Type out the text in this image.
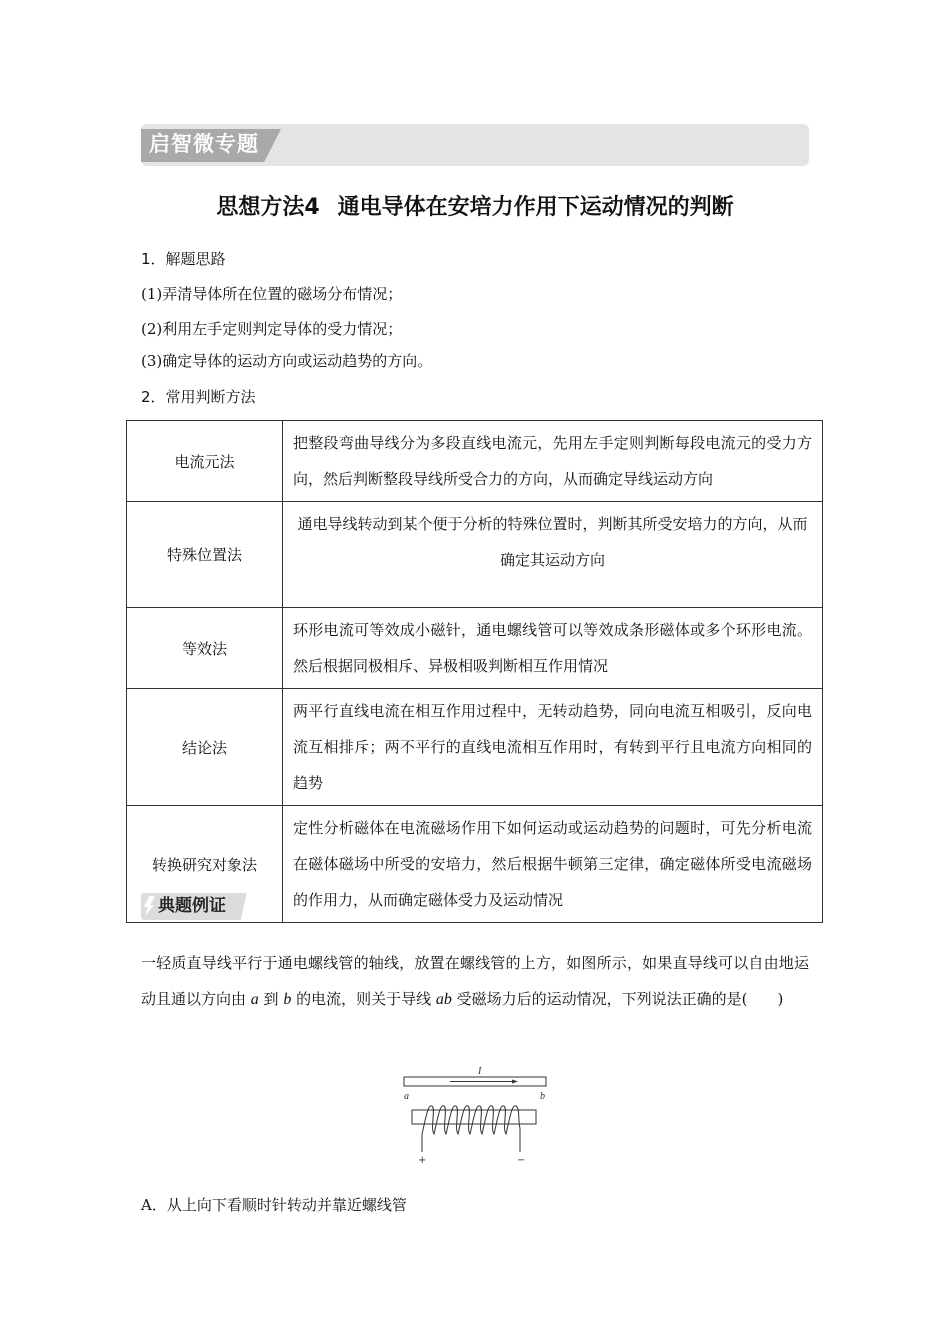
启智微专题
思想方法4 通电导体在安培力作用下运动情况的判断
1．解题思路
(1)弄清导体所在位置的磁场分布情况；
(2)利用左手定则判定导体的受力情况；
(3)确定导体的运动方向或运动趋势的方向。
2．常用判断方法
电流元法	把整段弯曲导线分为多段直线电流元，先用左手定则判断每段电流元的受力方向，然后判断整段导线所受合力的方向，从而确定导线运动方向
特殊位置法	通电导线转动到某个便于分析的特殊位置时，判断其所受安培力的方向，从而确定其运动方向
等效法	环形电流可等效成小磁针，通电螺线管可以等效成条形磁体或多个环形电流。然后根据同极相斥、异极相吸判断相互作用情况
结论法	两平行直线电流在相互作用过程中，无转动趋势，同向电流互相吸引，反向电流互相排斥；两不平行的直线电流相互作用时，有转到平行且电流方向相同的趋势
转换研究对象法	定性分析磁体在电流磁场作用下如何运动或运动趋势的问题时，可先分析电流在磁体磁场中所受的安培力，然后根据牛顿第三定律，确定磁体所受电流磁场的作用力，从而确定磁体受力及运动情况
典题例证
一轻质直导线平行于通电螺线管的轴线，放置在螺线管的上方，如图所示，如果直导线可以自由地运动且通以方向由 a 到 b 的电流，则关于导线 ab 受磁场力后的运动情况，下列说法正确的是(　　)
I
a	b
+	−
A．从上向下看顺时针转动并靠近螺线管
